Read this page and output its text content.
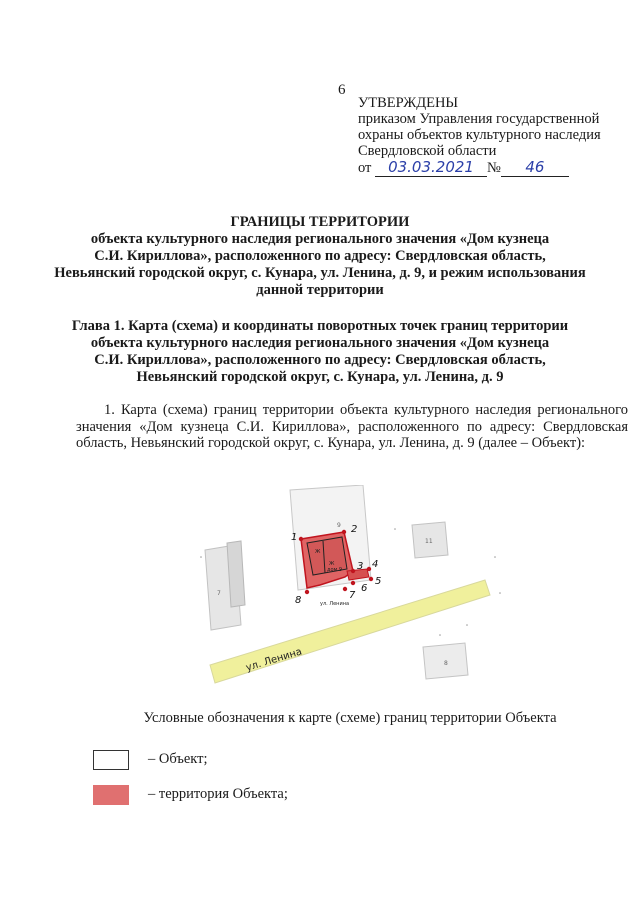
6
УТВЕРЖДЕНЫ
приказом Управления государственной
охраны объектов культурного наследия
Свердловской области
от 03.03.2021 № 46
ГРАНИЦЫ ТЕРРИТОРИИ
объекта культурного наследия регионального значения «Дом кузнеца
С.И. Кириллова», расположенного по адресу: Свердловская область,
Невьянский городской округ, с. Кунара, ул. Ленина, д. 9, и режим использования
данной территории
Глава 1. Карта (схема) и координаты поворотных точек границ территории
объекта культурного наследия регионального значения «Дом кузнеца
С.И. Кириллова», расположенного по адресу: Свердловская область,
Невьянский городской округ, с. Кунара, ул. Ленина, д. 9
1. Карта (схема) границ территории объекта культурного наследия регионального значения «Дом кузнеца С.И. Кириллова», расположенного по адресу: Свердловская область, Невьянский городской округ, с. Кунара, ул. Ленина, д. 9 (далее – Объект):
1
2
3 4
5
6
7
8
9
11
7
8
Ж
Ж
дом 9
ул. Ленина
ул. Ленина
Условные обозначения к карте (схеме) границ территории Объекта
– Объект;
– территория Объекта;
